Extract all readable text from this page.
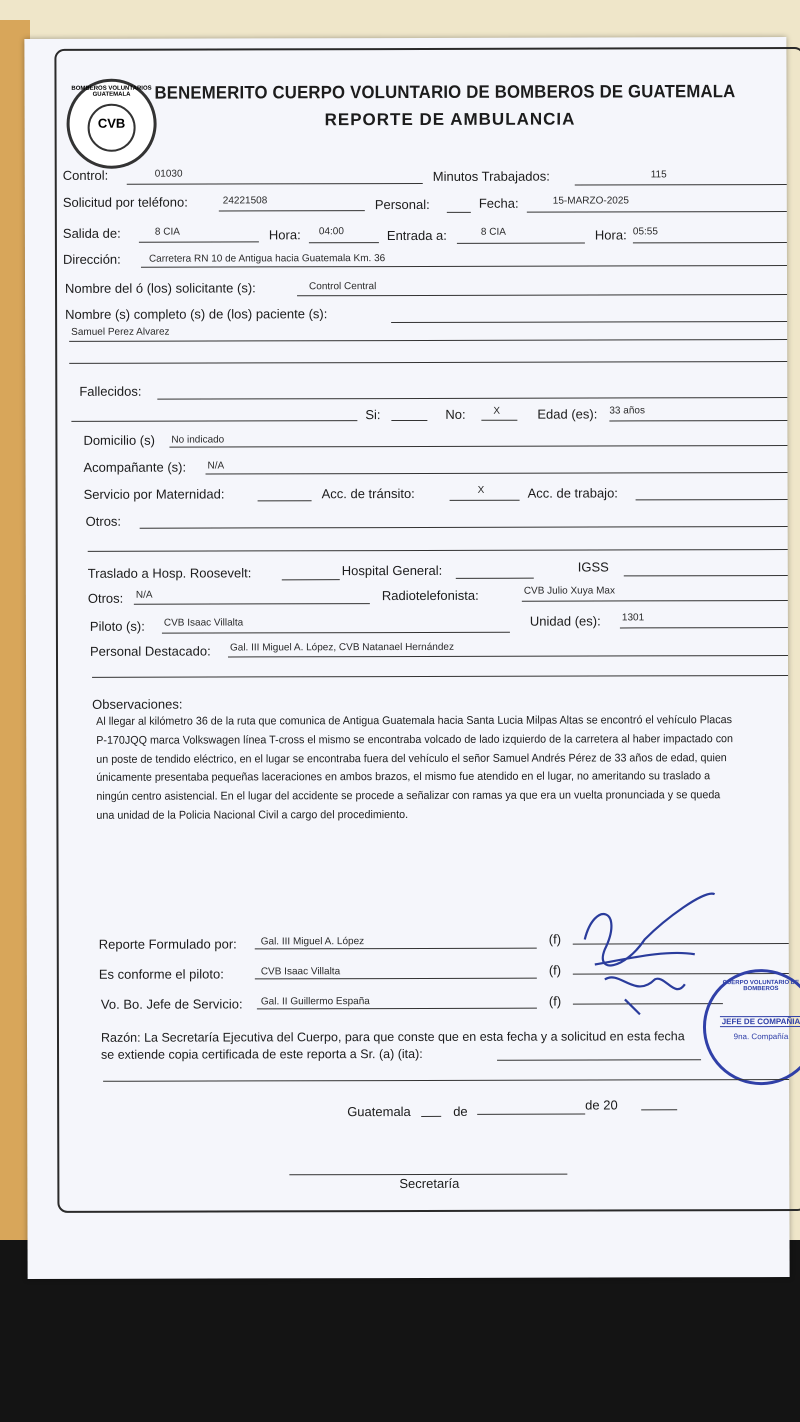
BOMBEROS VOLUNTARIOS GUATEMALA
CVB
BENEMERITO CUERPO VOLUNTARIO DE BOMBEROS DE GUATEMALA
REPORTE DE AMBULANCIA
Control:	01030	Minutos Trabajados:	115
Solicitud por teléfono:	24221508	Personal:	Fecha:	15-MARZO-2025
Salida de:	8 CIA	Hora: 04:00	Entrada a:	8 CIA	Hora: 05:55
Dirección:	Carretera RN 10 de Antigua hacia Guatemala Km. 36
Nombre del ó (los) solicitante (s):	Control Central
Nombre (s) completo (s) de (los) paciente (s):
Samuel Perez Alvarez
Fallecidos:
Si:	No:	X	Edad (es): 33 años
Domicilio (s) No indicado
Acompañante (s): N/A
Servicio por Maternidad:	Acc. de tránsito:	X	Acc. de trabajo:
Otros:
Traslado a Hosp. Roosevelt:	Hospital General:	IGSS
Otros: N/A	Radiotelefonista:	CVB Julio Xuya Max
Piloto (s): CVB Isaac Villalta	Unidad (es): 1301
Personal Destacado: Gal. III Miguel A. López, CVB Natanael Hernández
Observaciones:
Al llegar al kilómetro 36 de la ruta que comunica de Antigua Guatemala hacia Santa Lucia Milpas Altas se encontró el vehículo Placas P-170JQQ marca Volkswagen línea T-cross el mismo se encontraba volcado de lado izquierdo de la carretera al haber impactado con un poste de tendido eléctrico, en el lugar se encontraba fuera del vehículo el señor Samuel Andrés Pérez de 33 años de edad, quien únicamente presentaba pequeñas laceraciones en ambos brazos, el mismo fue atendido en el lugar, no ameritando su traslado a ningún centro asistencial. En el lugar del accidente se procede a señalizar con ramas ya que era un vuelta pronunciada y se queda una unidad de la Policia Nacional Civil a cargo del procedimiento.
Reporte Formulado por: Gal. III Miguel A. López	(f)
Es conforme el piloto:	CVB Isaac Villalta	(f)
Vo. Bo. Jefe de Servicio: Gal. II Guillermo España	(f)
CUERPO VOLUNTARIO DE BOMBEROS
JEFE DE COMPAÑIA
9na. Compañía
Razón: La Secretaría Ejecutiva del Cuerpo, para que conste que en esta fecha y a solicitud en esta fecha
se extiende copia certificada de este reporta a Sr. (a) (ita):
Guatemala	de	de 20
Secretaría
